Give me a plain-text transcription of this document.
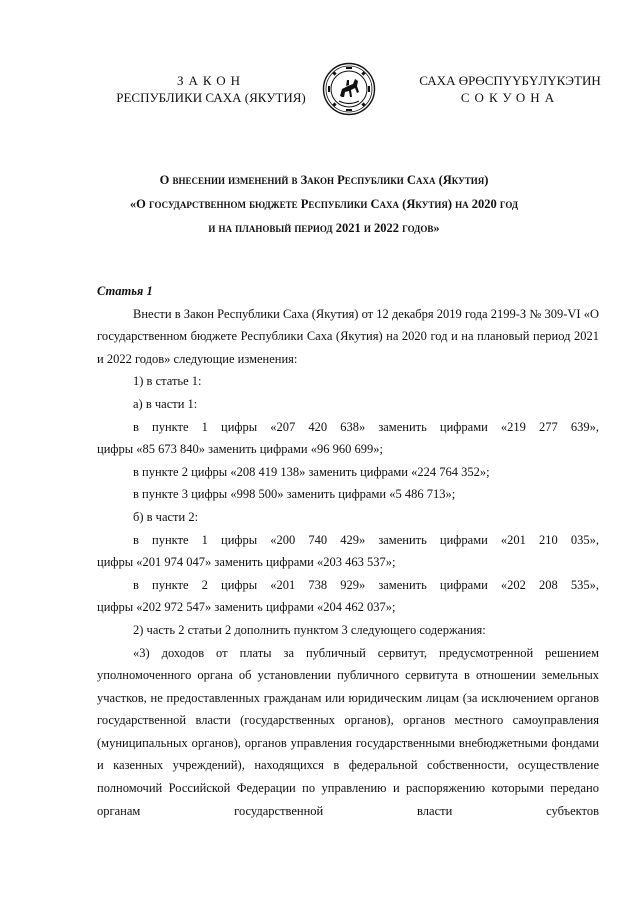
ЗАКОН
РЕСПУБЛИКИ САХА (ЯКУТИЯ)
САХА ӨРӨСПҮҮБҮЛҮКЭТИН
СОКУОНА
О внесении изменений в Закон Республики Саха (Якутия)
«О государственном бюджете Республики Саха (Якутия) на 2020 год
и на плановый период 2021 и 2022 годов»

Статья 1

Внести в Закон Республики Саха (Якутия) от 12 декабря 2019 года 2199-З № 309-VI «О государственном бюджете Республики Саха (Якутия) на 2020 год и на плановый период 2021 и 2022 годов» следующие изменения:

1) в статье 1:

а) в части 1:

в пункте 1 цифры «207 420 638» заменить цифрами «219 277 639»,

цифры «85 673 840» заменить цифрами «96 960 699»;

в пункте 2 цифры «208 419 138» заменить цифрами «224 764 352»;

в пункте 3 цифры «998 500» заменить цифрами «5 486 713»;

б) в части 2:

в пункте 1 цифры «200 740 429» заменить цифрами «201 210 035»,

цифры «201 974 047» заменить цифрами «203 463 537»;

в пункте 2 цифры «201 738 929» заменить цифрами «202 208 535»,

цифры «202 972 547» заменить цифрами «204 462 037»;

2) часть 2 статьи 2 дополнить пунктом 3 следующего содержания:

«3) доходов от платы за публичный сервитут, предусмотренной решением уполномоченного органа об установлении публичного сервитута в отношении земельных участков, не предоставленных гражданам или юридическим лицам (за исключением органов государственной власти (государственных органов), органов местного самоуправления (муниципальных органов), органов управления государственными внебюджетными фондами и казенных учреждений), находящихся в федеральной собственности, осуществление полномочий Российской Федерации по управлению и распоряжению которыми передано органам государственной власти субъектов
